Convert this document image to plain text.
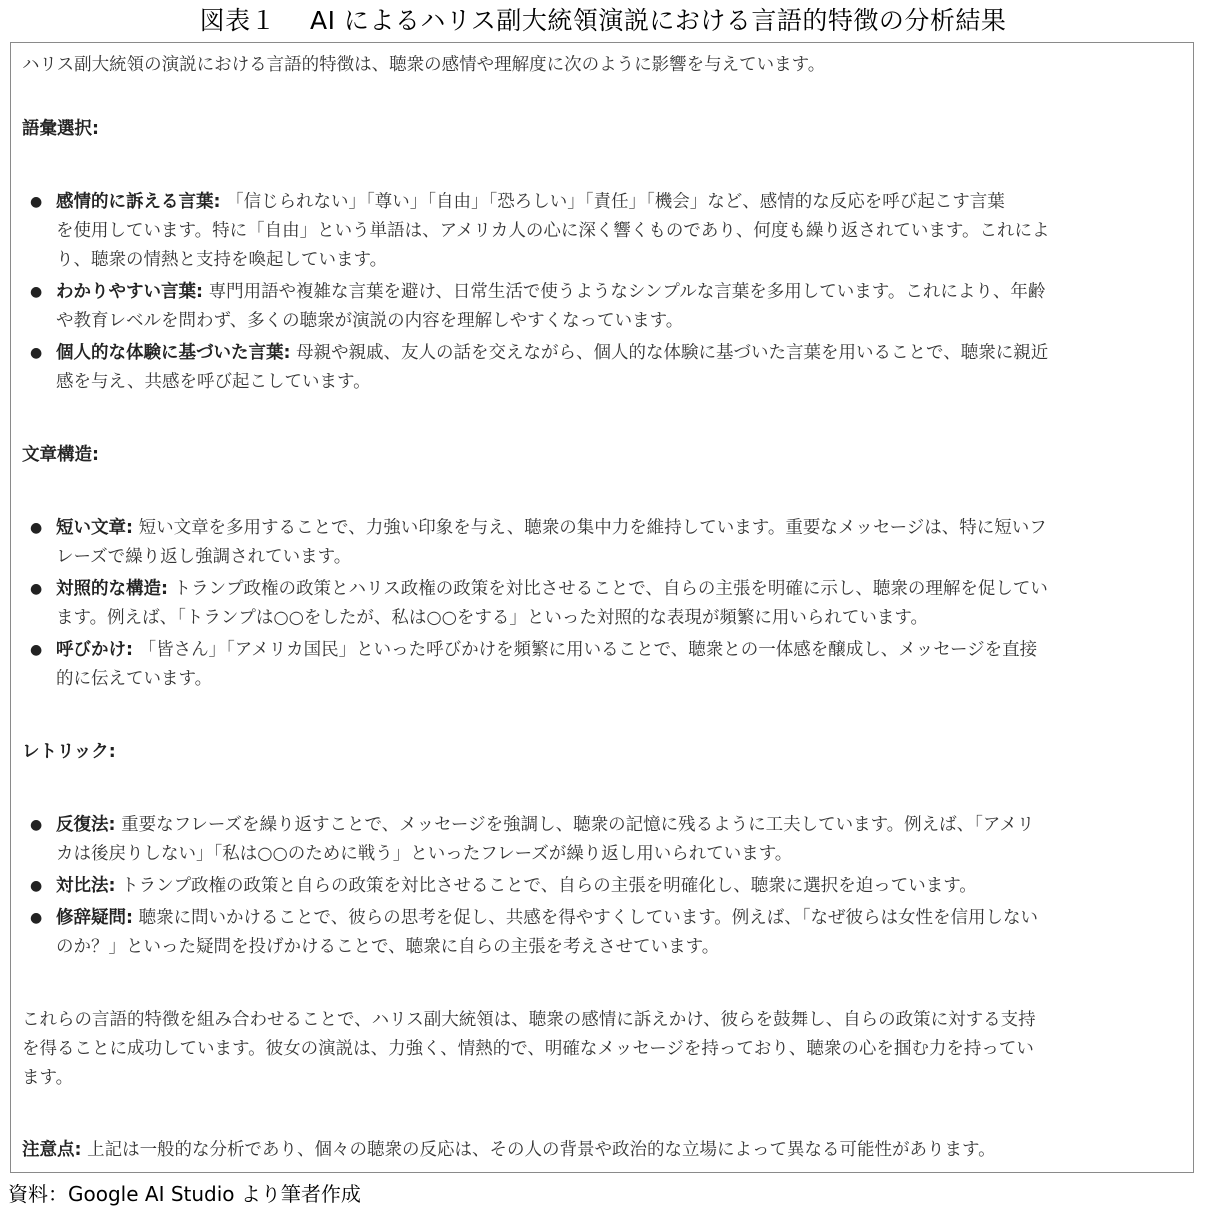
図表１　 AI によるハリス副大統領演説における言語的特徴の分析結果

ハリス副大統領の演説における言語的特徴は、聴衆の感情や理解度に次のように影響を与えています。

語彙選択:

● 感情的に訴える言葉: 「信じられない」「尊い」「自由」「恐ろしい」「責任」「機会」など、感情的な反応を呼び起こす言葉
を使用しています。特に「自由」という単語は、アメリカ人の心に深く響くものであり、何度も繰り返されています。これによ
り、聴衆の情熱と支持を喚起しています。
● わかりやすい言葉: 専門用語や複雑な言葉を避け、日常生活で使うようなシンプルな言葉を多用しています。これにより、年齢
や教育レベルを問わず、多くの聴衆が演説の内容を理解しやすくなっています。
● 個人的な体験に基づいた言葉: 母親や親戚、友人の話を交えながら、個人的な体験に基づいた言葉を用いることで、聴衆に親近
感を与え、共感を呼び起こしています。

文章構造:

● 短い文章: 短い文章を多用することで、力強い印象を与え、聴衆の集中力を維持しています。重要なメッセージは、特に短いフ
レーズで繰り返し強調されています。
● 対照的な構造: トランプ政権の政策とハリス政権の政策を対比させることで、自らの主張を明確に示し、聴衆の理解を促してい
ます。例えば、「トランプは○○をしたが、私は○○をする」といった対照的な表現が頻繁に用いられています。
● 呼びかけ: 「皆さん」「アメリカ国民」といった呼びかけを頻繁に用いることで、聴衆との一体感を醸成し、メッセージを直接
的に伝えています。

レトリック:

● 反復法: 重要なフレーズを繰り返すことで、メッセージを強調し、聴衆の記憶に残るように工夫しています。例えば、「アメリ
カは後戻りしない」「私は○○のために戦う」といったフレーズが繰り返し用いられています。
● 対比法: トランプ政権の政策と自らの政策を対比させることで、自らの主張を明確化し、聴衆に選択を迫っています。
● 修辞疑問: 聴衆に問いかけることで、彼らの思考を促し、共感を得やすくしています。例えば、「なぜ彼らは女性を信用しない
のか？」といった疑問を投げかけることで、聴衆に自らの主張を考えさせています。
これらの言語的特徴を組み合わせることで、ハリス副大統領は、聴衆の感情に訴えかけ、彼らを鼓舞し、自らの政策に対する支持
を得ることに成功しています。彼女の演説は、力強く、情熱的で、明確なメッセージを持っており、聴衆の心を掴む力を持ってい
ます。

注意点: 上記は一般的な分析であり、個々の聴衆の反応は、その人の背景や政治的な立場によって異なる可能性があります。

資料：Google AI Studio より筆者作成
